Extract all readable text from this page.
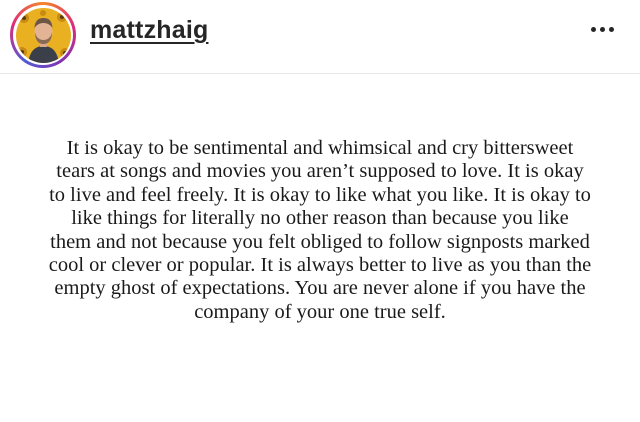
mattzhaig
It is okay to be sentimental and whimsical and cry bittersweet
tears at songs and movies you aren’t supposed to love. It is okay
to live and feel freely. It is okay to like what you like. It is okay to
like things for literally no other reason than because you like
them and not because you felt obliged to follow signposts marked
cool or clever or popular. It is always better to live as you than the
empty ghost of expectations. You are never alone if you have the
company of your one true self.
